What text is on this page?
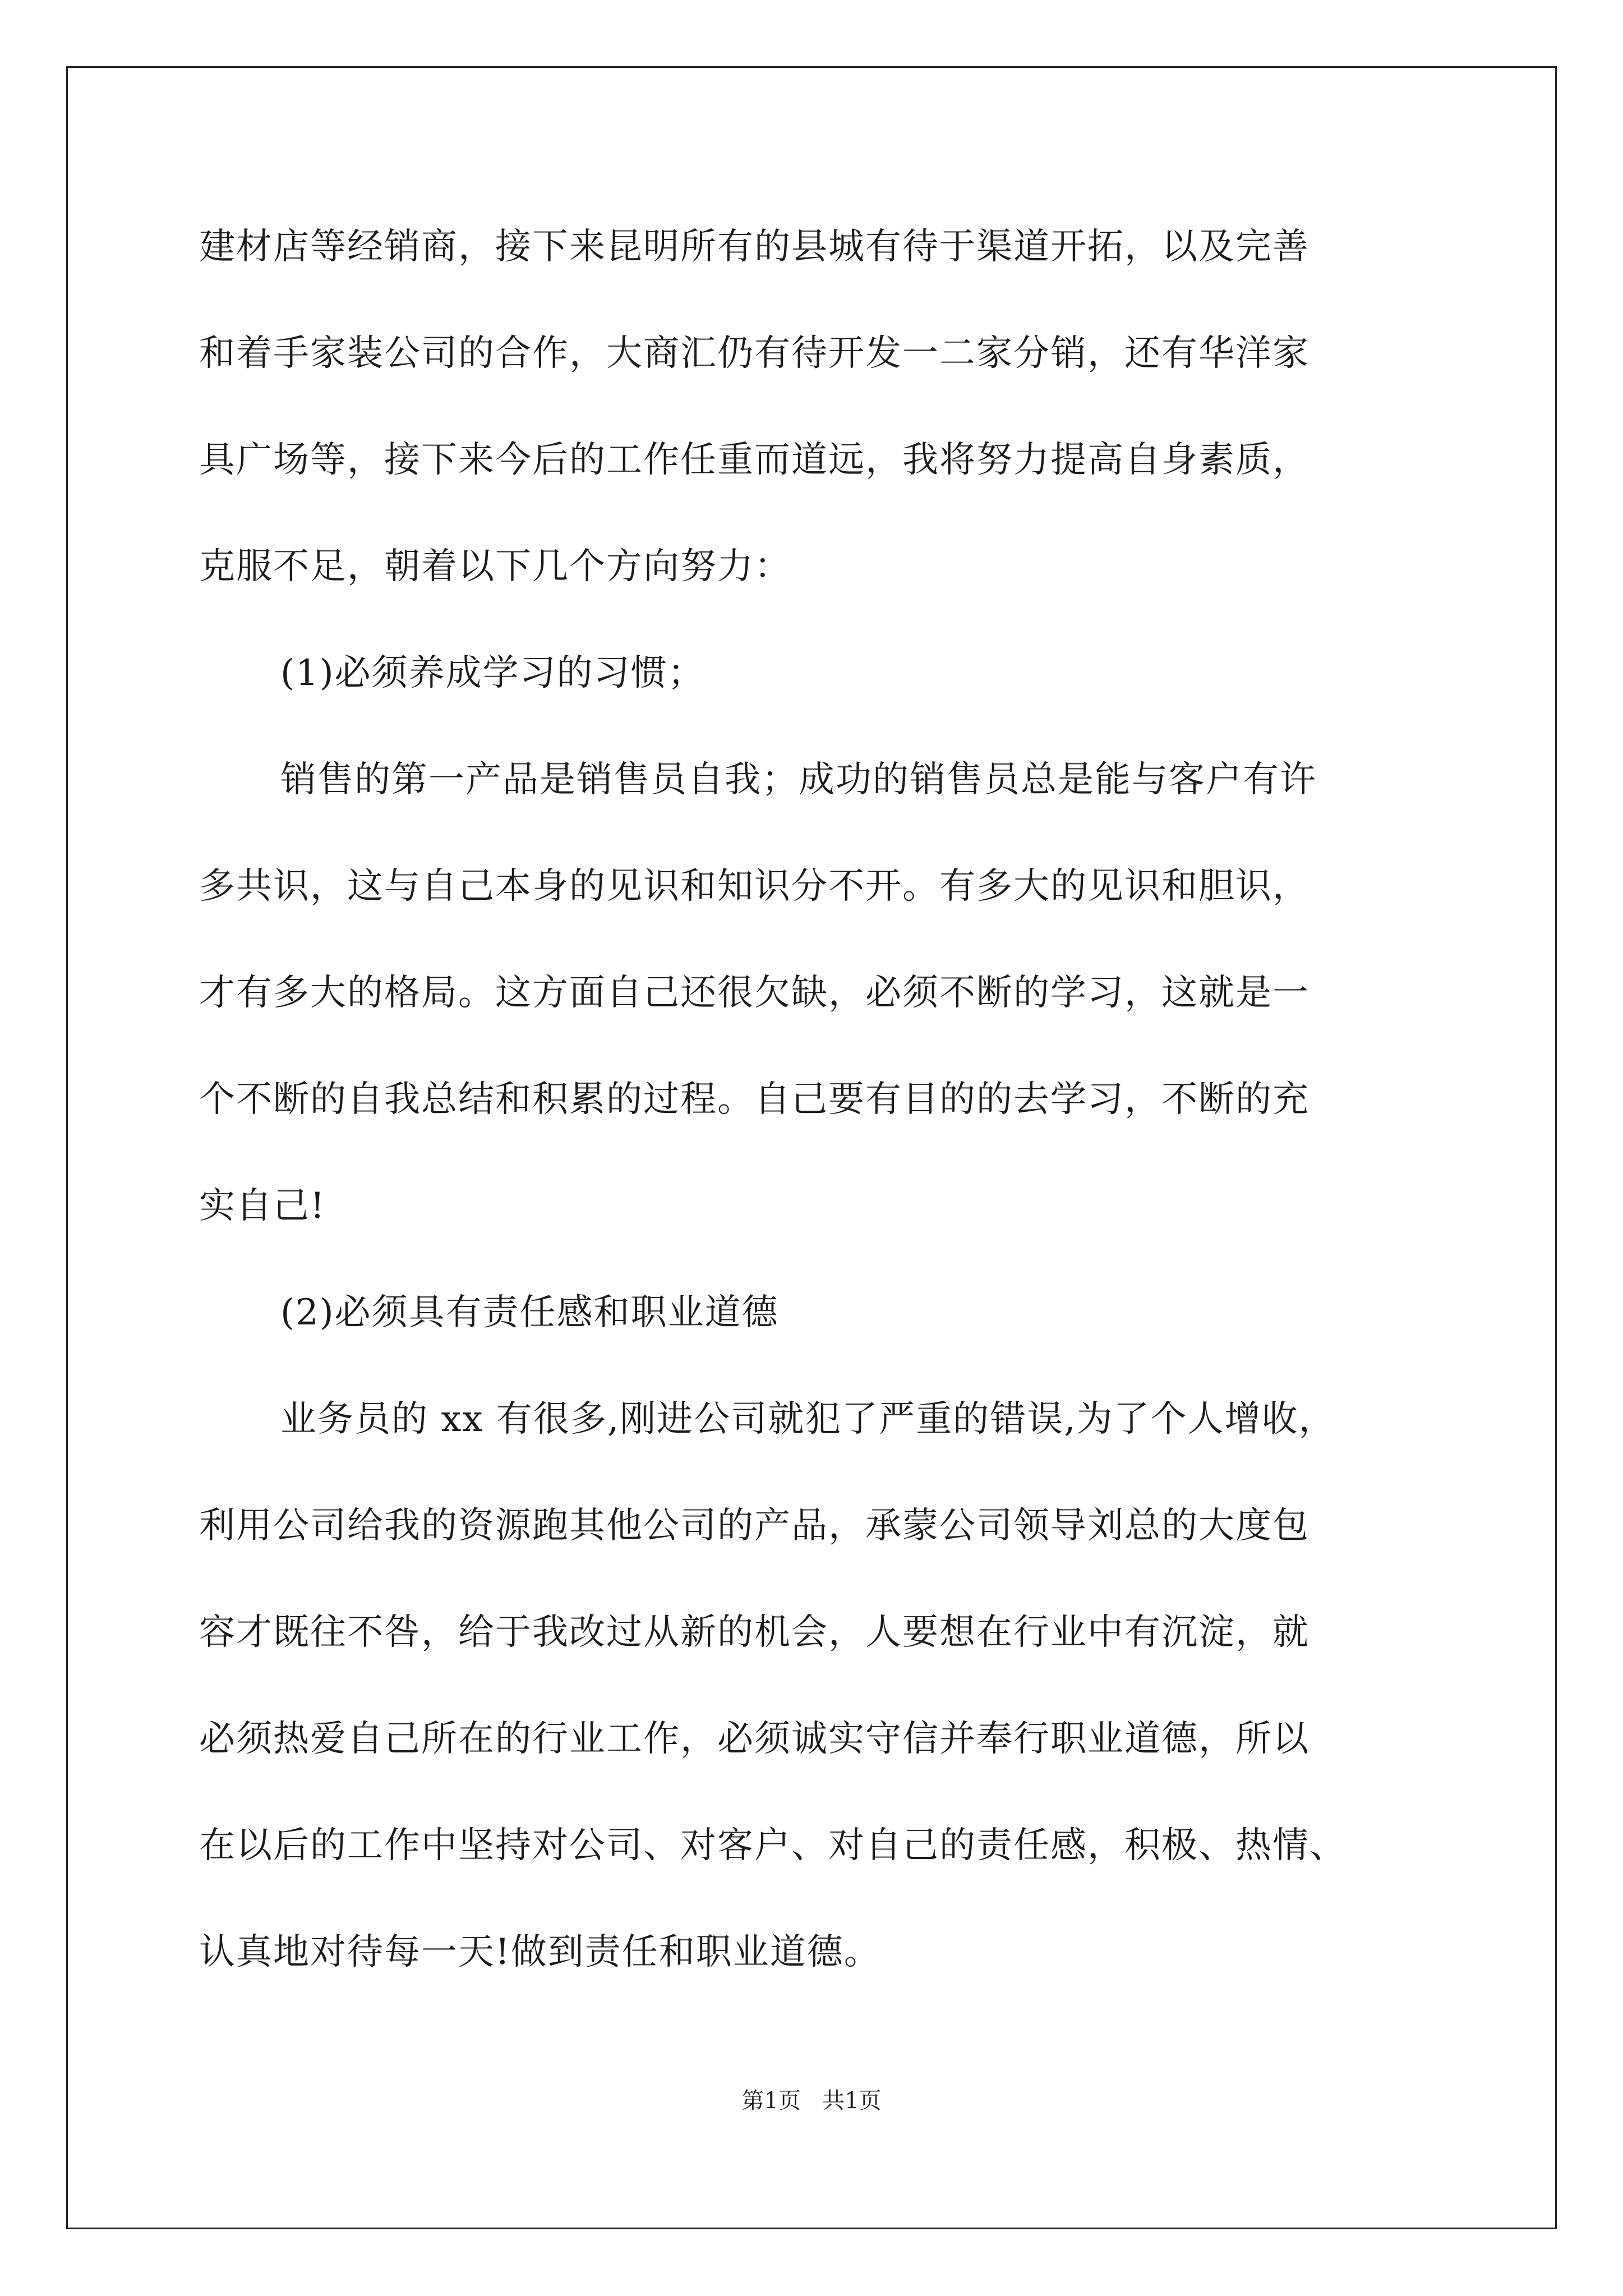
建材店等经销商，接下来昆明所有的县城有待于渠道开拓，以及完善
和着手家装公司的合作，大商汇仍有待开发一二家分销，还有华洋家
具广场等，接下来今后的工作任重而道远，我将努力提高自身素质，
克服不足，朝着以下几个方向努力：
(1)必须养成学习的习惯；
销售的第一产品是销售员自我；成功的销售员总是能与客户有许
多共识，这与自己本身的见识和知识分不开。有多大的见识和胆识，
才有多大的格局。这方面自己还很欠缺，必须不断的学习，这就是一
个不断的自我总结和积累的过程。自己要有目的的去学习，不断的充
实自己!
(2)必须具有责任感和职业道德
业务员的 xx 有很多,刚进公司就犯了严重的错误,为了个人增收，
利用公司给我的资源跑其他公司的产品，承蒙公司领导刘总的大度包
容才既往不咎，给于我改过从新的机会，人要想在行业中有沉淀，就
必须热爱自己所在的行业工作，必须诚实守信并奉行职业道德，所以
在以后的工作中坚持对公司、对客户、对自己的责任感，积极、热情、
认真地对待每一天!做到责任和职业道德。
第1页   共1页
